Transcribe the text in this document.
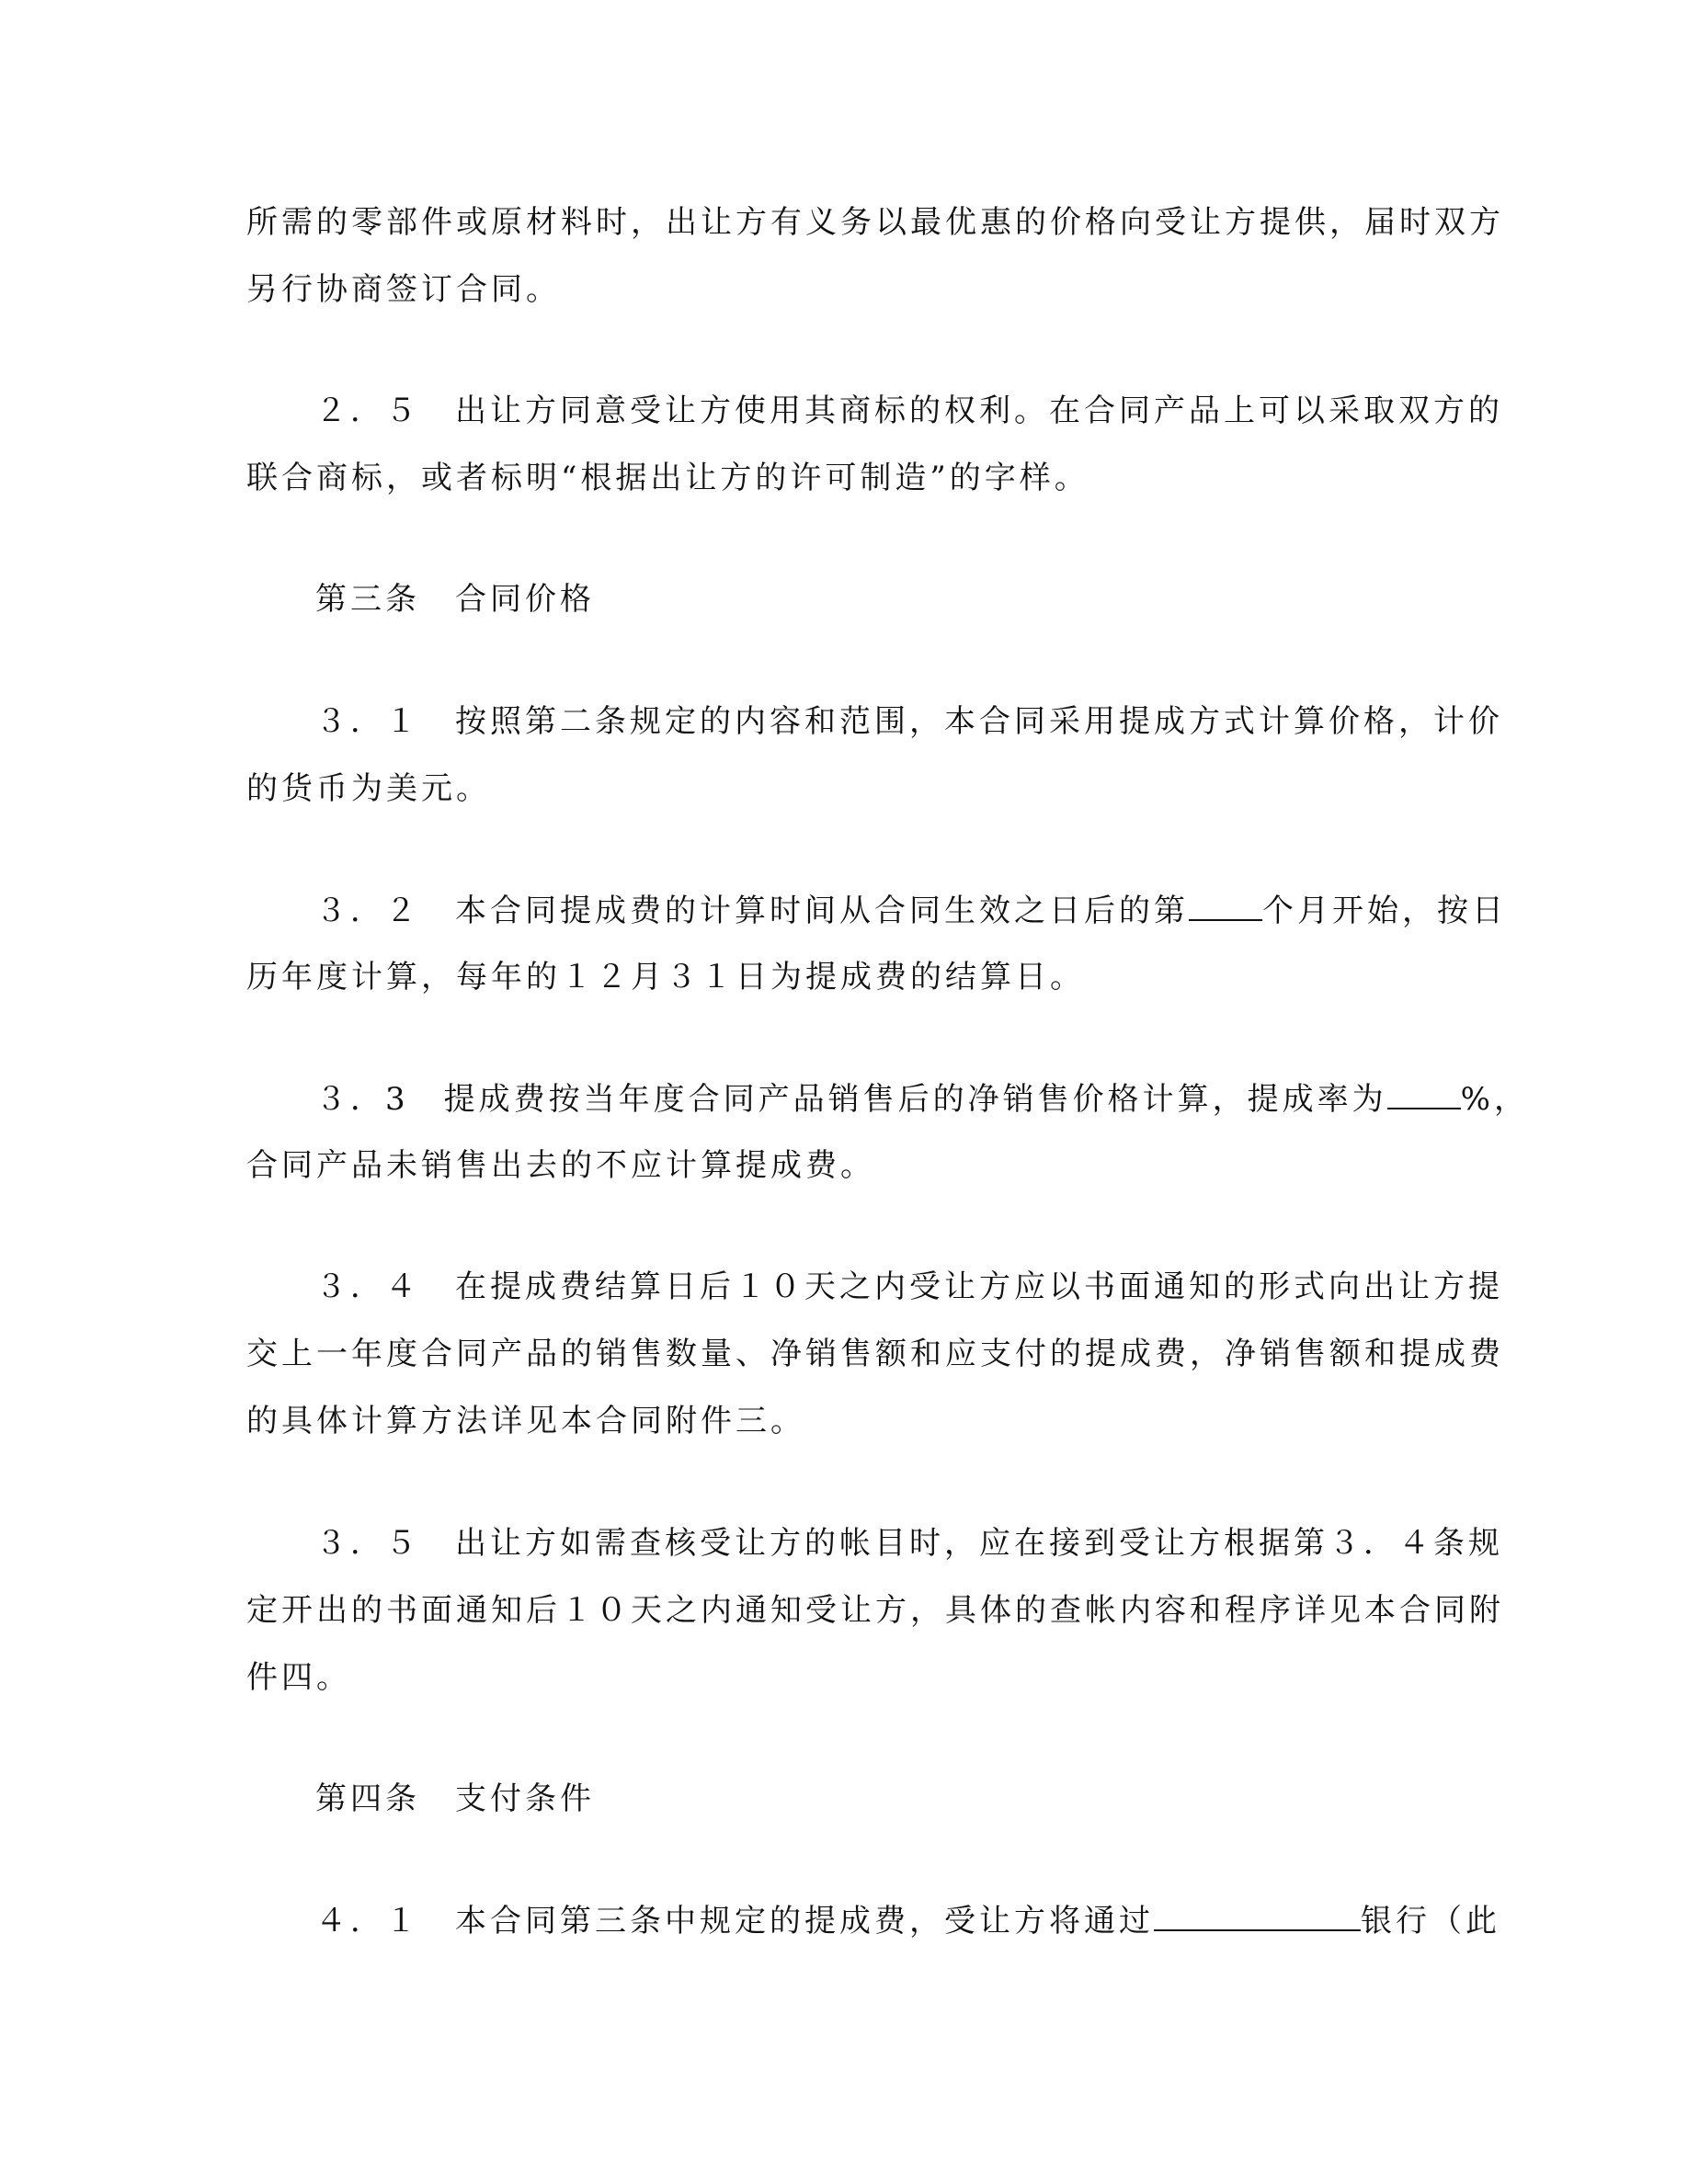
所需的零部件或原材料时，出让方有义务以最优惠的价格向受让方提供，届时双方
另行协商签订合同。
２．５　出让方同意受让方使用其商标的权利。在合同产品上可以采取双方的
联合商标，或者标明“根据出让方的许可制造”的字样。
第三条　合同价格
３．１　按照第二条规定的内容和范围，本合同采用提成方式计算价格，计价
的货币为美元。
３．２　本合同提成费的计算时间从合同生效之日后的第 个月开始，按日
历年度计算，每年的１２月３１日为提成费的结算日。
３．3　提成费按当年度合同产品销售后的净销售价格计算，提成率为 %，
合同产品未销售出去的不应计算提成费。
３．４　在提成费结算日后１０天之内受让方应以书面通知的形式向出让方提
交上一年度合同产品的销售数量、净销售额和应支付的提成费，净销售额和提成费
的具体计算方法详见本合同附件三。
３．５　出让方如需查核受让方的帐目时，应在接到受让方根据第３．４条规
定开出的书面通知后１０天之内通知受让方，具体的查帐内容和程序详见本合同附
件四。
第四条　支付条件
４．１　本合同第三条中规定的提成费，受让方将通过	银行（此
